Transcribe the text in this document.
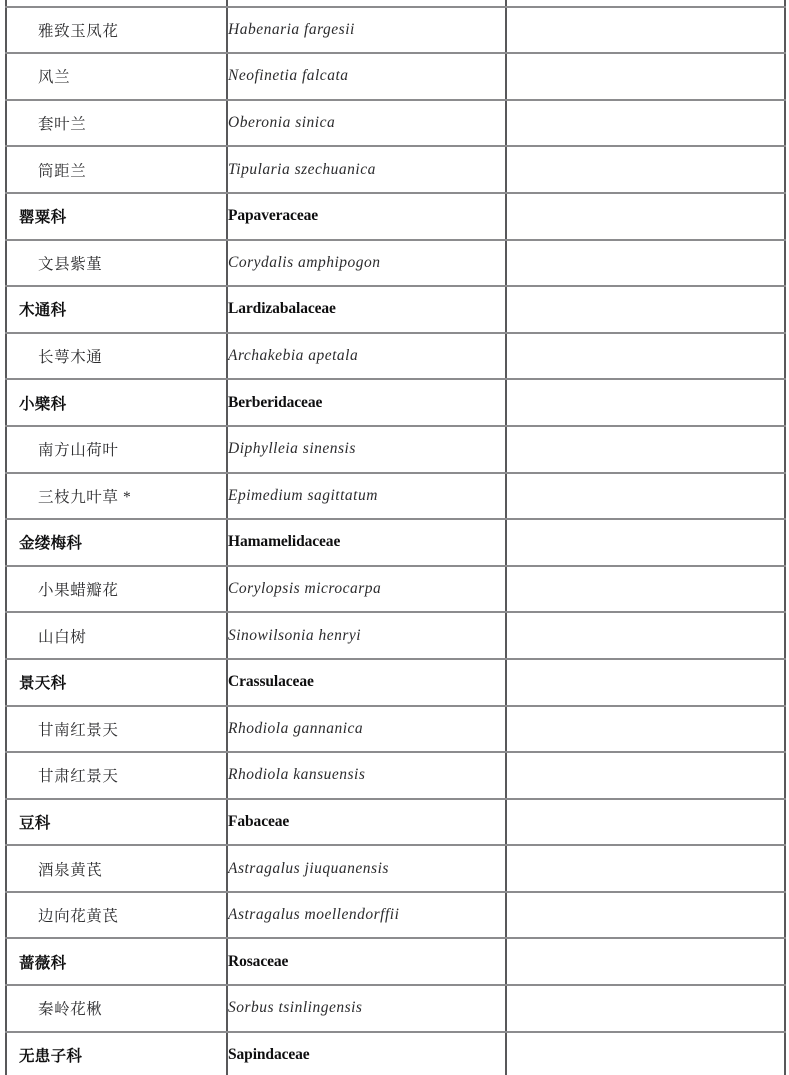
雅致玉凤花	Habenaria fargesii	
风兰	Neofinetia falcata	
套叶兰	Oberonia sinica	
筒距兰	Tipularia szechuanica	
罂粟科	Papaveraceae	
文县紫堇	Corydalis amphipogon	
木通科	Lardizabalaceae	
长萼木通	Archakebia apetala	
小檗科	Berberidaceae	
南方山荷叶	Diphylleia sinensis	
三枝九叶草 *	Epimedium sagittatum	
金缕梅科	Hamamelidaceae	
小果蜡瓣花	Corylopsis microcarpa	
山白树	Sinowilsonia henryi	
景天科	Crassulaceae	
甘南红景天	Rhodiola gannanica	
甘肃红景天	Rhodiola kansuensis	
豆科	Fabaceae	
酒泉黄芪	Astragalus jiuquanensis	
边向花黄芪	Astragalus moellendorffii	
蔷薇科	Rosaceae	
秦岭花楸	Sorbus tsinlingensis	
无患子科	Sapindaceae	
